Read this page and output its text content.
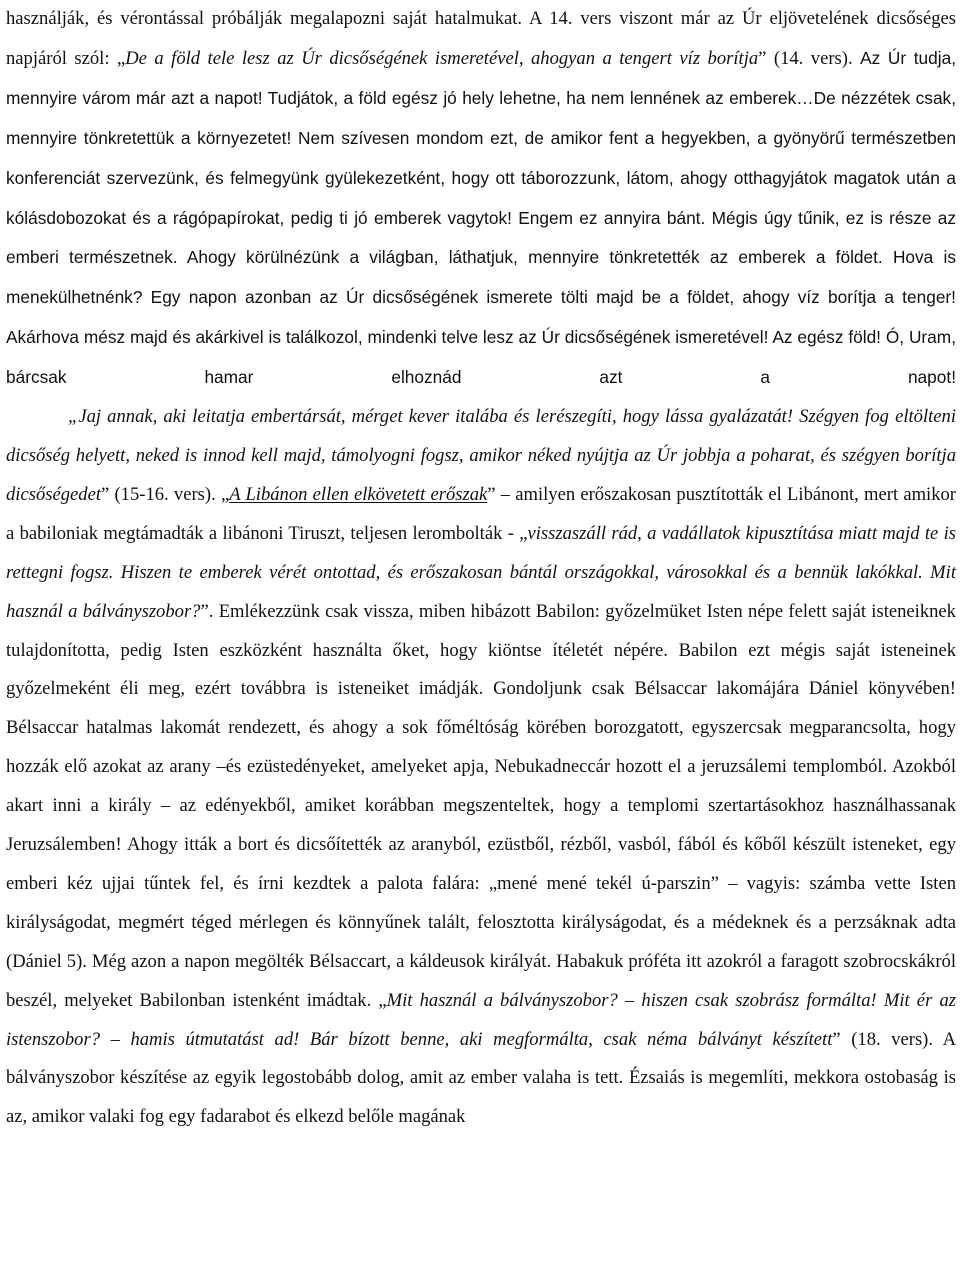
használják, és vérontással próbálják megalapozni saját hatalmukat. A 14. vers viszont már az Úr eljövetelének dicsőséges napjáról szól: „De a föld tele lesz az Úr dicsőségének ismeretével, ahogyan a tengert víz borítja” (14. vers). Az Úr tudja, mennyire várom már azt a napot! Tudjátok, a föld egész jó hely lehetne, ha nem lennének az emberek…De nézzétek csak, mennyire tönkretettük a környezetet! Nem szívesen mondom ezt, de amikor fent a hegyekben, a gyönyörű természetben konferenciát szervezünk, és felmegyünk gyülekezetként, hogy ott táborozzunk, látom, ahogy otthagyjátok magatok után a kólásdobozokat és a rágópapírokat, pedig ti jó emberek vagytok! Engem ez annyira bánt. Mégis úgy tűnik, ez is része az emberi természetnek. Ahogy körülnézünk a világban, láthatjuk, mennyire tönkretették az emberek a földet. Hova is menekülhetnénk? Egy napon azonban az Úr dicsőségének ismerete tölti majd be a földet, ahogy víz borítja a tenger! Akárhova mész majd és akárkivel is találkozol, mindenki telve lesz az Úr dicsőségének ismeretével! Az egész föld! Ó, Uram, bárcsak hamar elhoznád azt a napot!

„Jaj annak, aki leitatja embertársát, mérget kever italába és lerészegíti, hogy lássa gyalázatát! Szégyen fog eltölteni dicsőség helyett, neked is innod kell majd, támolyogni fogsz, amikor néked nyújtja az Úr jobbja a poharat, és szégyen borítja dicsőségedet” (15-16. vers). „A Libánon ellen elkövetett erőszak” – amilyen erőszakosan pusztították el Libánont, mert amikor a babiloniak megtámadták a libánoni Tiruszt, teljesen lerombolták - „visszaszáll rád, a vadállatok kipusztítása miatt majd te is rettegni fogsz. Hiszen te emberek vérét ontottad, és erőszakosan bántál országokkal, városokkal és a bennük lakókkal. Mit használ a bálványszobor?”. Emlékezzünk csak vissza, miben hibázott Babilon: győzelmüket Isten népe felett saját isteneiknek tulajdonította, pedig Isten eszközként használta őket, hogy kiöntse ítéletét népére. Babilon ezt mégis saját isteneinek győzelmeként éli meg, ezért továbbra is isteneiket imádják. Gondoljunk csak Bélsaccar lakomájára Dániel könyvében! Bélsaccar hatalmas lakomát rendezett, és ahogy a sok főméltóság körében borozgatott, egyszercsak megparancsolta, hogy hozzák elő azokat az arany –és ezüstedényeket, amelyeket apja, Nebukadneccár hozott el a jeruzsálemi templomból. Azokból akart inni a király – az edényekből, amiket korábban megszenteltek, hogy a templomi szertartásokhoz használhassanak Jeruzsálemben! Ahogy itták a bort és dicsőítették az aranyból, ezüstből, rézből, vasból, fából és kőből készült isteneket, egy emberi kéz ujjai tűntek fel, és írni kezdtek a palota falára: „mené mené tekél ú-parszin” – vagyis: számba vette Isten királyságodat, megmért téged mérlegen és könnyűnek talált, felosztotta királyságodat, és a médeknek és a perzsáknak adta (Dániel 5). Még azon a napon megölték Bélsaccart, a káldeusok királyát. Habakuk próféta itt azokról a faragott szobrocskákról beszél, melyeket Babilonban istenként imádtak. „Mit használ a bálványszobor? – hiszen csak szobrász formálta! Mit ér az istenszobor? – hamis útmutatást ad! Bár bízott benne, aki megformálta, csak néma bálványt készített” (18. vers). A bálványszobor készítése az egyik legostobább dolog, amit az ember valaha is tett. Ézsaiás is megemlíti, mekkora ostobaság is az, amikor valaki fog egy fadarabot és elkezd belőle magának
